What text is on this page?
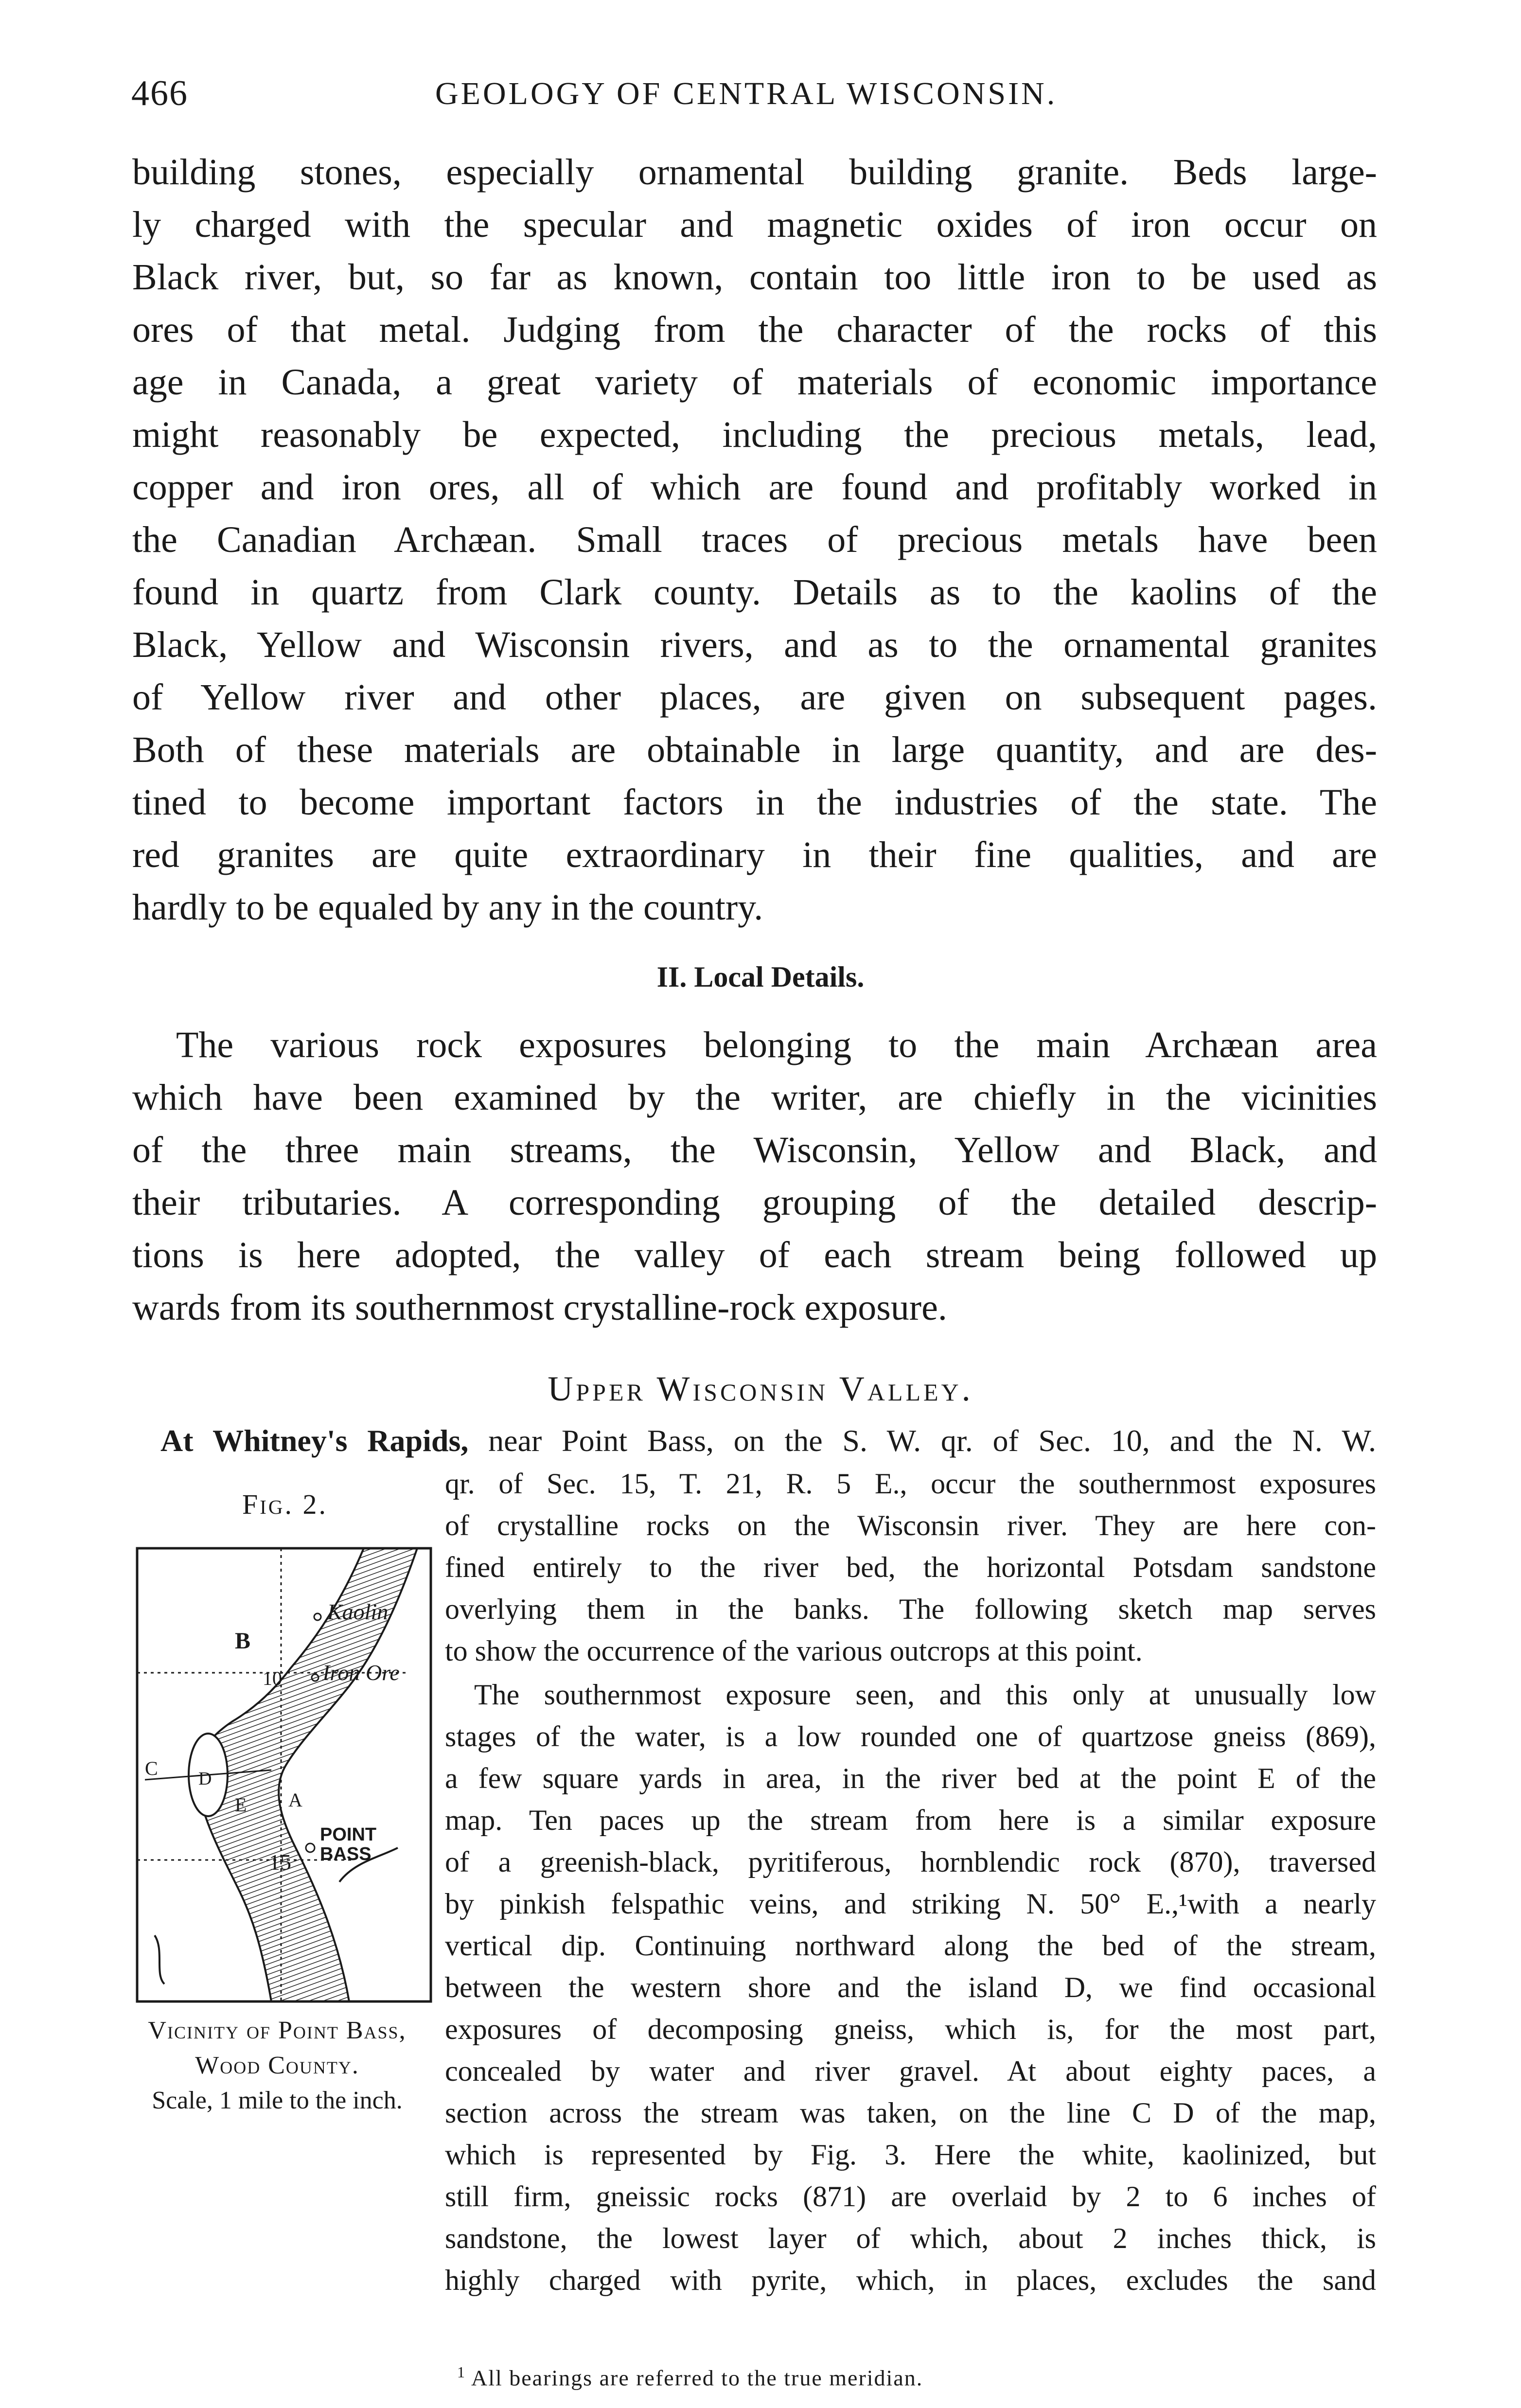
466	GEOLOGY OF CENTRAL WISCONSIN.
building stones, especially ornamental building granite. Beds large-
ly charged with the specular and magnetic oxides of iron occur on
Black river, but, so far as known, contain too little iron to be used as
ores of that metal. Judging from the character of the rocks of this
age in Canada, a great variety of materials of economic importance
might reasonably be expected, including the precious metals, lead,
copper and iron ores, all of which are found and profitably worked in
the Canadian Archæan. Small traces of precious metals have been
found in quartz from Clark county. Details as to the kaolins of the
Black, Yellow and Wisconsin rivers, and as to the ornamental granites
of Yellow river and other places, are given on subsequent pages.
Both of these materials are obtainable in large quantity, and are des-
tined to become important factors in the industries of the state. The
red granites are quite extraordinary in their fine qualities, and are
hardly to be equaled by any in the country.
II. Local Details.
The various rock exposures belonging to the main Archæan area
which have been examined by the writer, are chiefly in the vicinities
of the three main streams, the Wisconsin, Yellow and Black, and
their tributaries. A corresponding grouping of the detailed descrip-
tions is here adopted, the valley of each stream being followed up
wards from its southernmost crystalline-rock exposure.
Upper Wisconsin Valley.
At Whitney's Rapids, near Point Bass, on the S. W. qr. of Sec. 10, and the N. W.
Fig. 2.
qr. of Sec. 15, T. 21, R. 5 E., occur the southernmost exposures
of crystalline rocks on the Wisconsin river. They are here con-
fined entirely to the river bed, the horizontal Potsdam sandstone
overlying them in the banks. The following sketch map serves
to show the occurrence of the various outcrops at this point.
The southernmost exposure seen, and this only at unusually low
stages of the water, is a low rounded one of quartzose gneiss (869),
a few square yards in area, in the river bed at the point E of the
map. Ten paces up the stream from here is a similar exposure
of a greenish-black, pyritiferous, hornblendic rock (870), traversed
by pinkish felspathic veins, and striking N. 50° E.,¹with a nearly
vertical dip. Continuing northward along the bed of the stream,
between the western shore and the island D, we find occasional
exposures of decomposing gneiss, which is, for the most part,
concealed by water and river gravel. At about eighty paces, a
section across the stream was taken, on the line C D of the map,
which is represented by Fig. 3. Here the white, kaolinized, but
still firm, gneissic rocks (871) are overlaid by 2 to 6 inches of
sandstone, the lowest layer of which, about 2 inches thick, is
highly charged with pyrite, which, in places, excludes the sand
Kaolin
Iron Ore
B
10
C D
A
E
POINT
BASS
15
Vicinity of Point Bass,
Wood County.
Scale, 1 mile to the inch.
$^1$ All bearings are referred to the true meridian.
